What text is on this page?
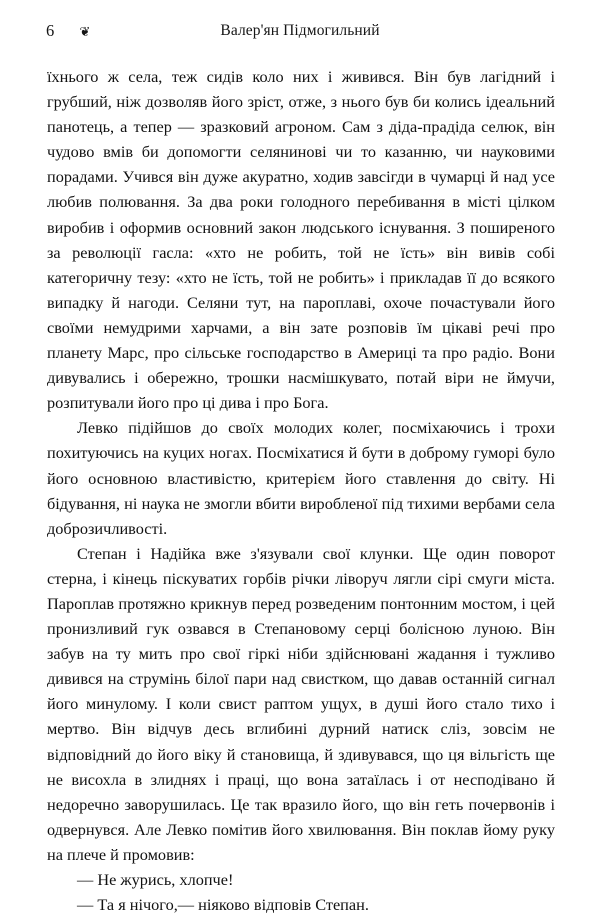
6	❦	Валер'ян Підмогильний

їхнього ж села, теж сидів коло них і живився. Він був лагідний і грубший, ніж дозволяв його зріст, отже, з нього був би колись ідеальний панотець, а тепер — зразковий агроном. Сам з діда-прадіда селюк, він чудово вмів би допомогти селянинові чи то казанню, чи науковими порадами. Учився він дуже акуратно, ходив завсігди в чумарці й над усе любив полювання. За два роки голодного перебивання в місті цілком виробив і оформив основний закон людського існування. З поширеного за революції гасла: «хто не робить, той не їсть» він вивів собі категоричну тезу: «хто не їсть, той не робить» і прикладав її до всякого випадку й нагоди. Селяни тут, на пароплаві, охоче почастували його своїми немудрими харчами, а він зате розповів їм цікаві речі про планету Марс, про сільське господарство в Америці та про радіо. Вони дивувались і обережно, трошки насмішкувато, потай віри не ймучи, розпитували його про ці дива і про Бога.

Левко підійшов до своїх молодих колег, посміхаючись і трохи похитуючись на куцих ногах. Посміхатися й бути в доброму гуморі було його основною властивістю, критерієм його ставлення до світу. Ні бідування, ні наука не змогли вбити виробленої під тихими вербами села доброзичливості.

Степан і Надійка вже з'язували свої клунки. Ще один поворот стерна, і кінець піскуватих горбів річки ліворуч лягли сірі смуги міста. Пароплав протяжно крикнув перед розведеним понтонним мостом, і цей пронизливий гук озвався в Степановому серці болісною луною. Він забув на ту мить про свої гіркі ніби здійснювані жадання і тужливо дивився на струмінь білої пари над свистком, що давав останній сигнал його минулому. І коли свист раптом ущух, в душі його стало тихо і мертво. Він відчув десь вглибині дурний натиск сліз, зовсім не відповідний до його віку й становища, й здивувався, що ця вільгість ще не висохла в злиднях і праці, що вона затаїлась і от несподівано й недоречно заворушилась. Це так вразило його, що він геть почервонів і одвернувся. Але Левко помітив його хвилювання. Він поклав йому руку на плече й промовив:

— Не журись, хлопче!

— Та я нічого,— ніяково відповів Степан.
